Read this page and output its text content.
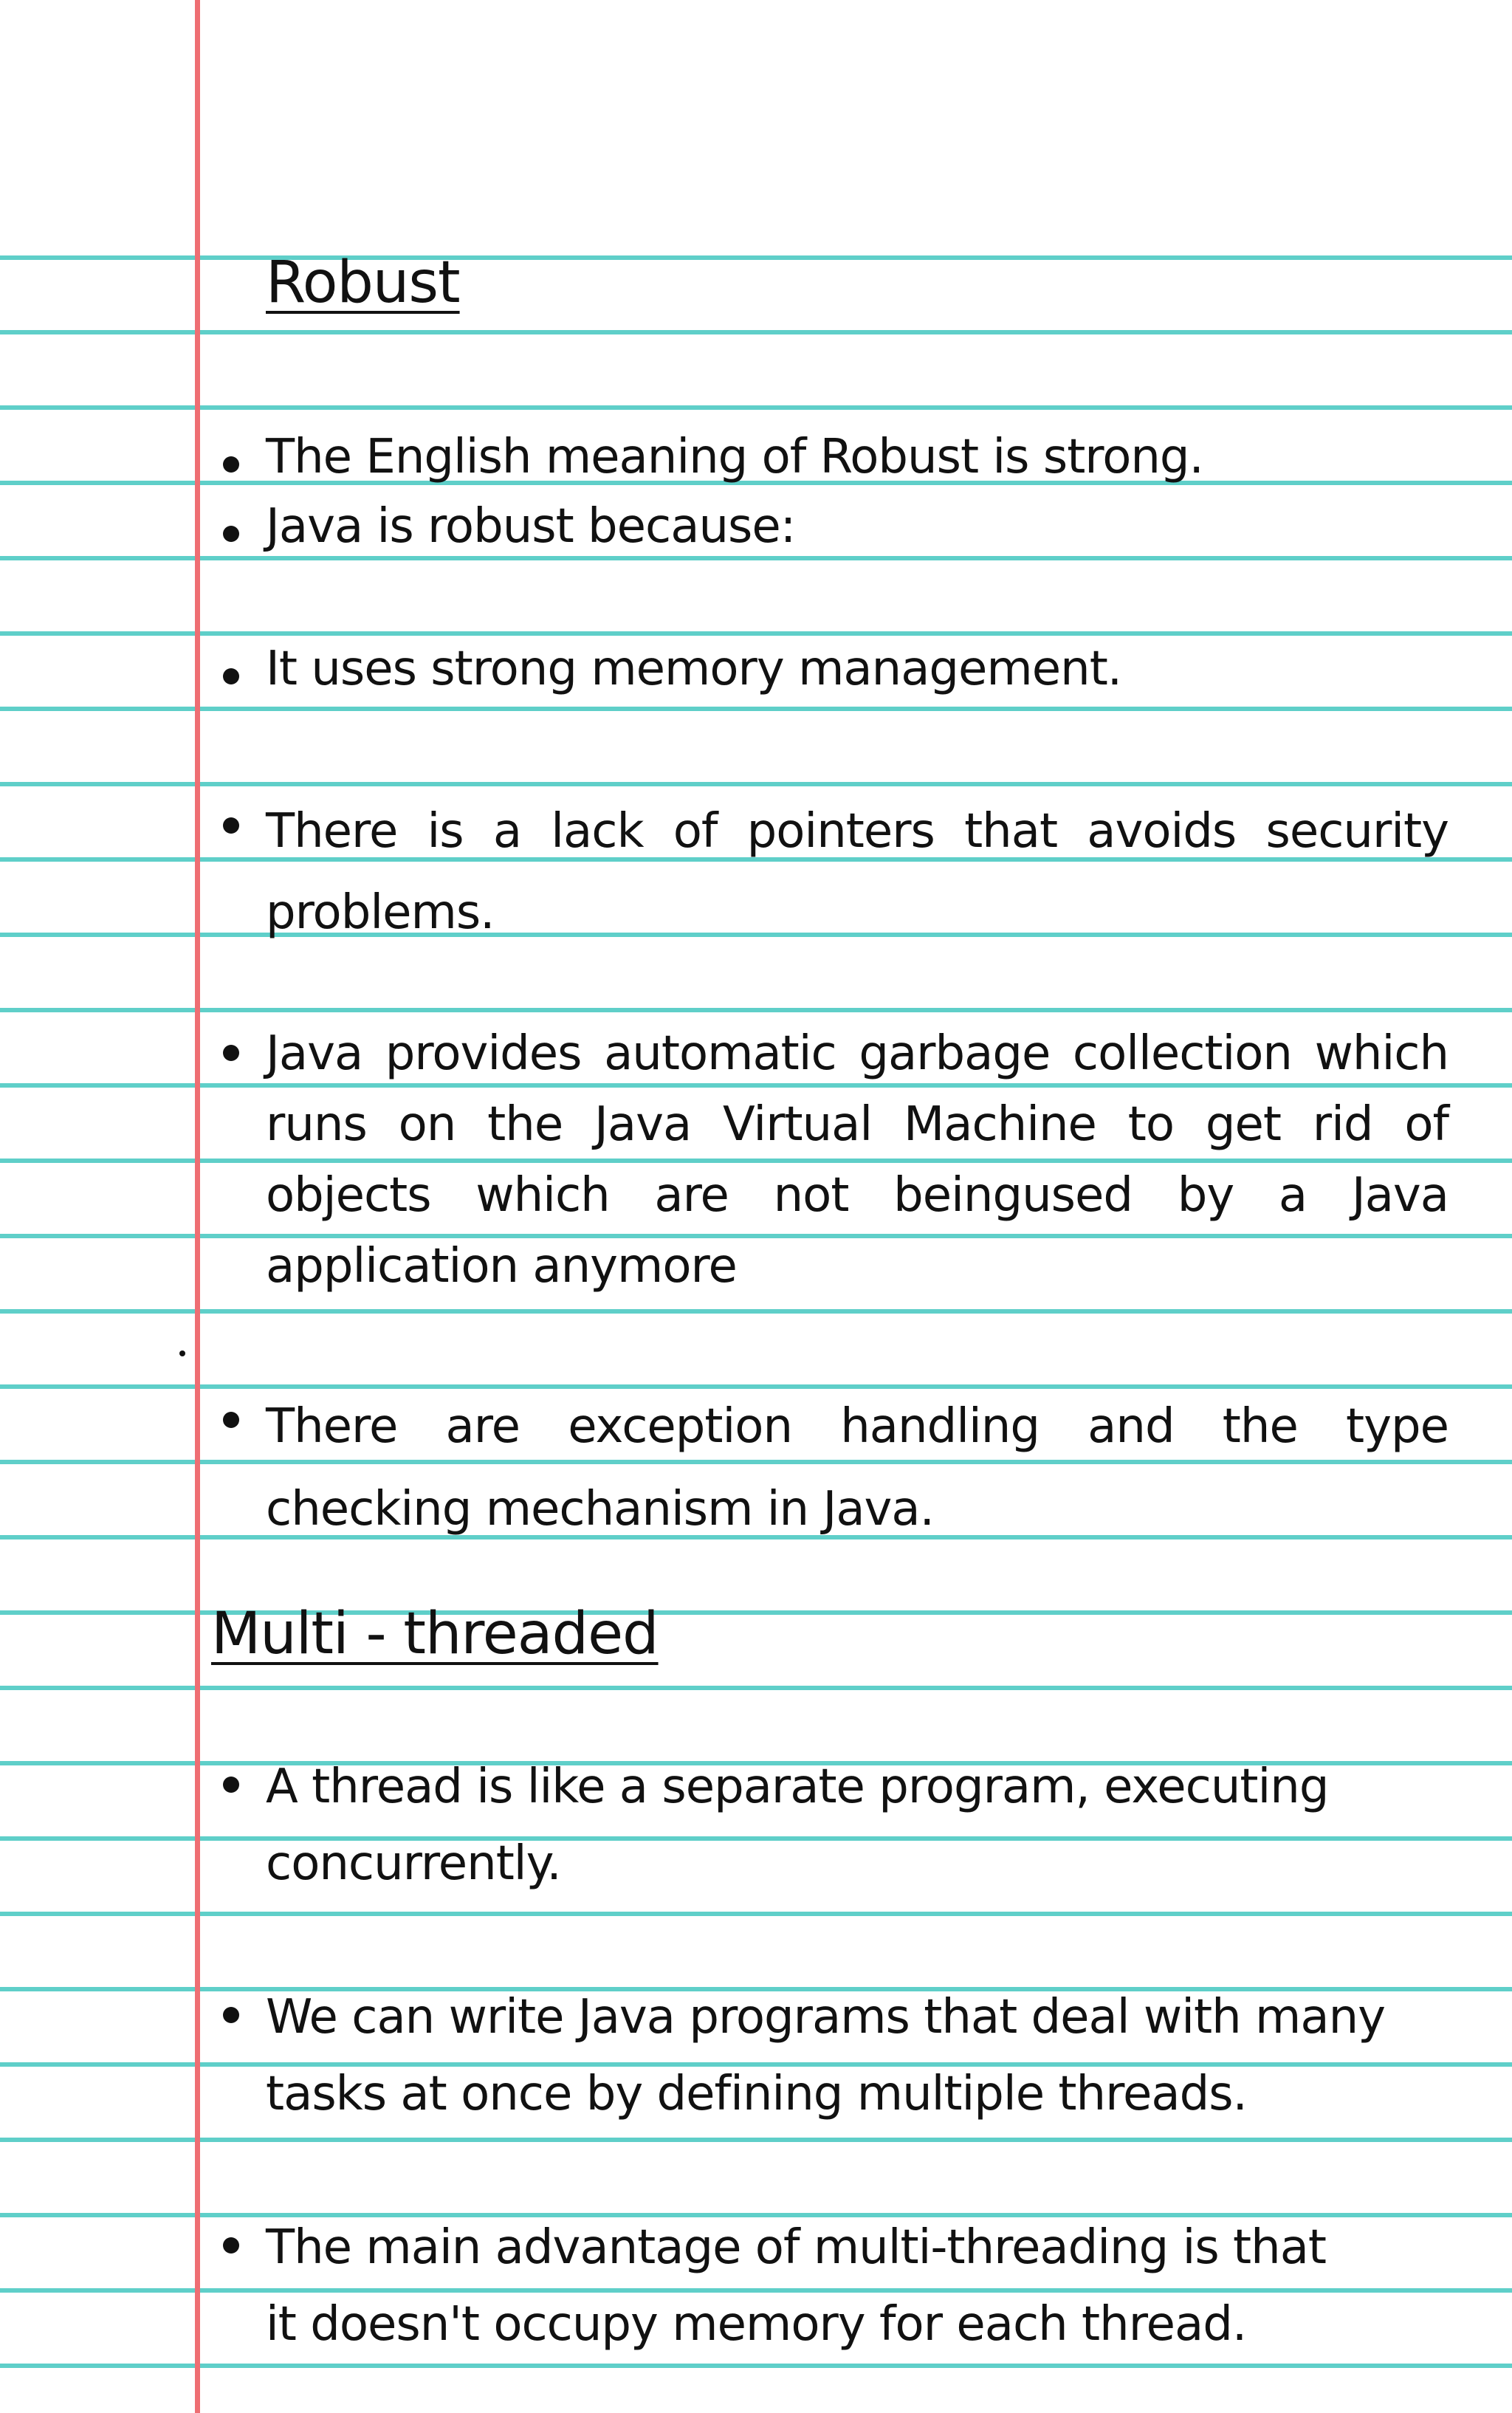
Robust

The English meaning of Robust is strong.

Java is robust because:

It uses strong memory management.

There is a lack of pointers that avoids security problems.

Java provides automatic garbage collection which runs on the Java Virtual Machine to get rid of objects which are not beingused by a Java application anymore

There are exception handling and the type checking mechanism in Java.

Multi - threaded

A thread is like a separate program, executing concurrently.

We can write Java programs that deal with many tasks at once by defining multiple threads.

The main advantage of multi-threading is that it doesn't occupy memory for each thread.
